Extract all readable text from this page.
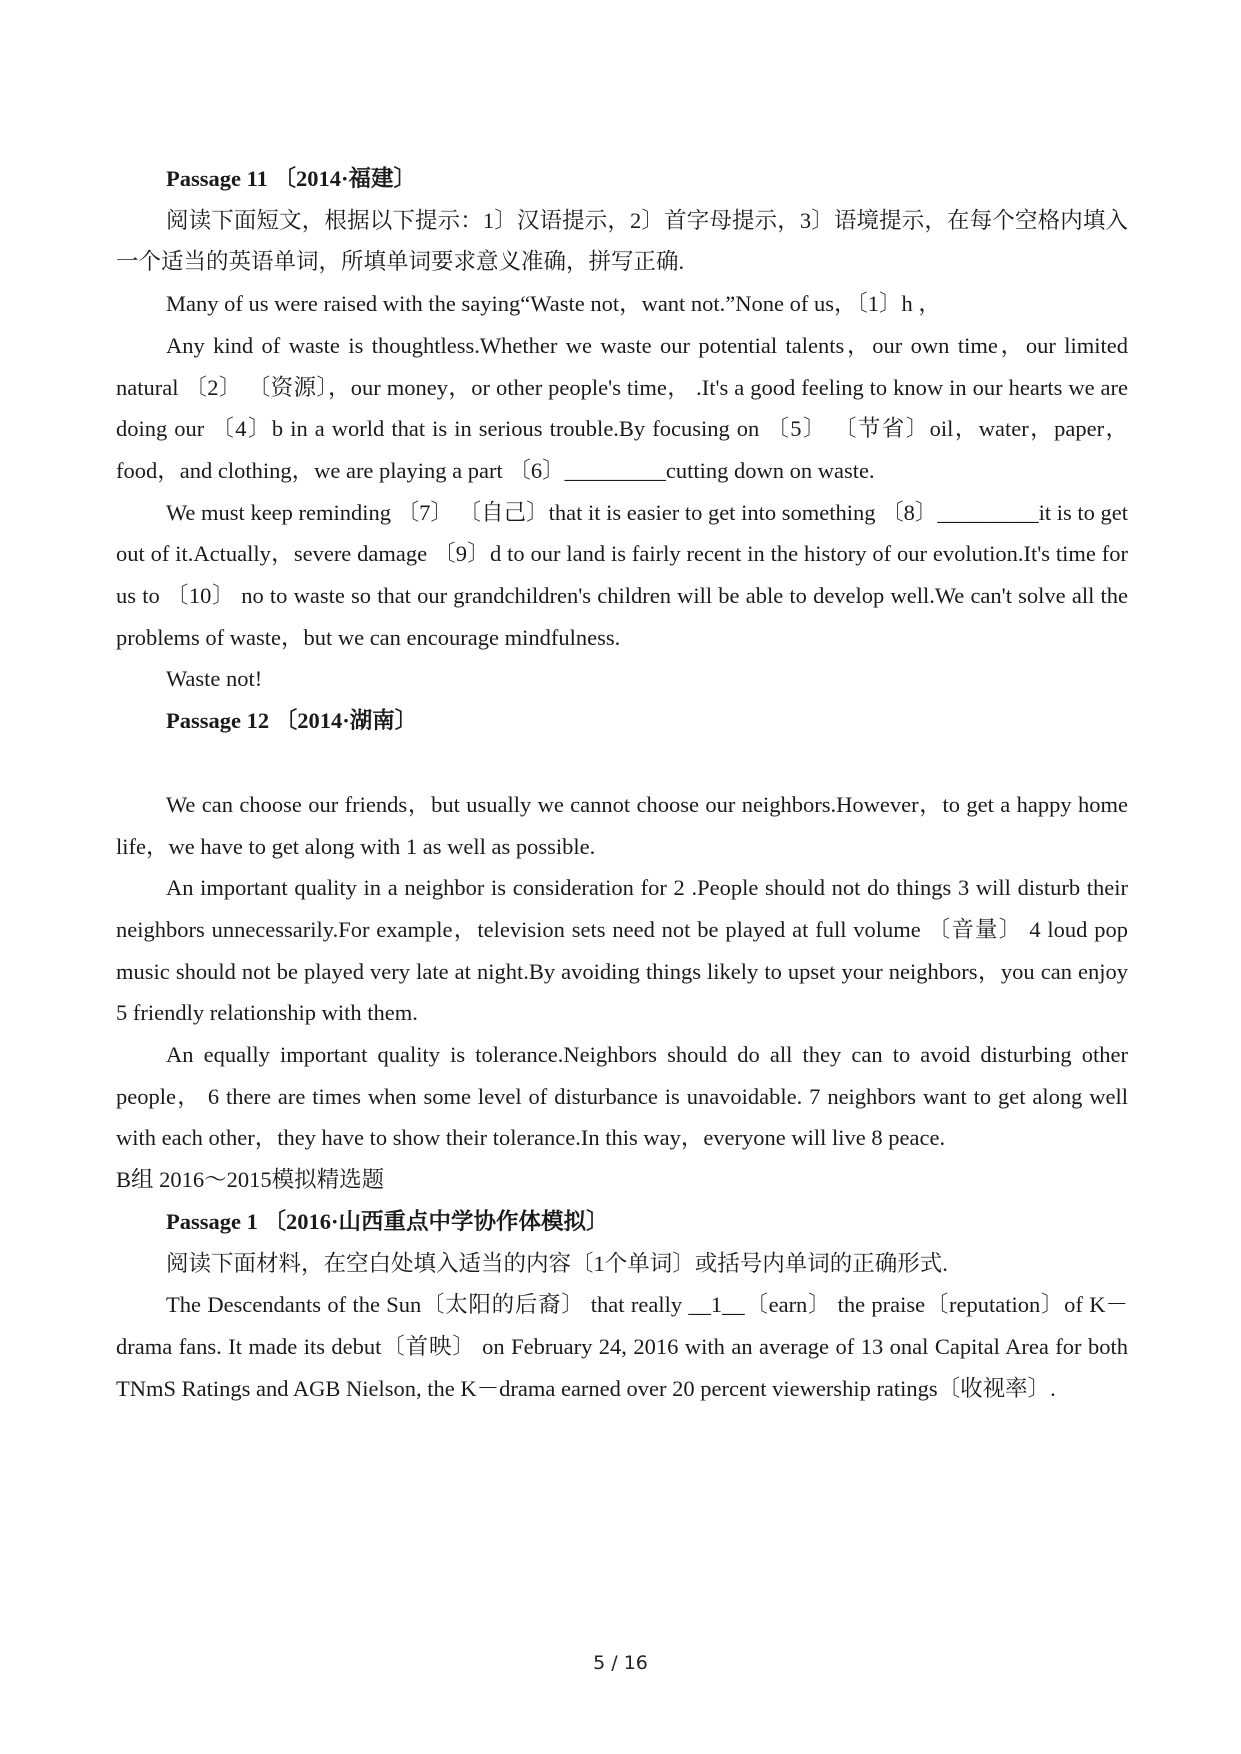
Passage 11 〔2014·福建〕

阅读下面短文，根据以下提示：1〕汉语提示，2〕首字母提示，3〕语境提示，在每个空格内填入一个适当的英语单词，所填单词要求意义准确，拼写正确.

Many of us were raised with the saying“Waste not，want not.”None of us，〔1〕h ，

Any kind of waste is thoughtless.Whether we waste our potential talents，our own time，our limited natural 〔2〕 〔资源〕，our money，or other people's time， .It's a good feeling to know in our hearts we are doing our 〔4〕b in a world that is in serious trouble.By focusing on 〔5〕 〔节省〕oil，water，paper，food，and clothing，we are playing a part 〔6〕_________cutting down on waste.

We must keep reminding 〔7〕 〔自己〕that it is easier to get into something 〔8〕_________it is to get out of it.Actually，severe damage 〔9〕d to our land is fairly recent in the history of our evolution.It's time for us to 〔10〕 no to waste so that our grandchildren's children will be able to develop well.We can't solve all the problems of waste，but we can encourage mindfulness.

Waste not!

Passage 12 〔2014·湖南〕

We can choose our friends，but usually we cannot choose our neighbors.However，to get a happy home life，we have to get along with 1 as well as possible.

An important quality in a neighbor is consideration for 2 .People should not do things 3 will disturb their neighbors unnecessarily.For example，television sets need not be played at full volume 〔音量〕 4 loud pop music should not be played very late at night.By avoiding things likely to upset your neighbors，you can enjoy 5 friendly relationship with them.

An equally important quality is tolerance.Neighbors should do all they can to avoid disturbing other people， 6 there are times when some level of disturbance is unavoidable. 7 neighbors want to get along well with each other，they have to show their tolerance.In this way，everyone will live 8 peace.

B组 2016～2015模拟精选题

Passage 1 〔2016·山西重点中学协作体模拟〕

阅读下面材料，在空白处填入适当的内容〔1个单词〕或括号内单词的正确形式.

The Descendants of the Sun〔太阳的后裔〕 that really __1__〔earn〕 the praise〔reputation〕of K－drama fans. It made its debut〔首映〕 on February 24, 2016 with an average of 13 onal Capital Area for both TNmS Ratings and AGB Nielson, the K－drama earned over 20 percent viewership ratings〔收视率〕.

5 / 16
